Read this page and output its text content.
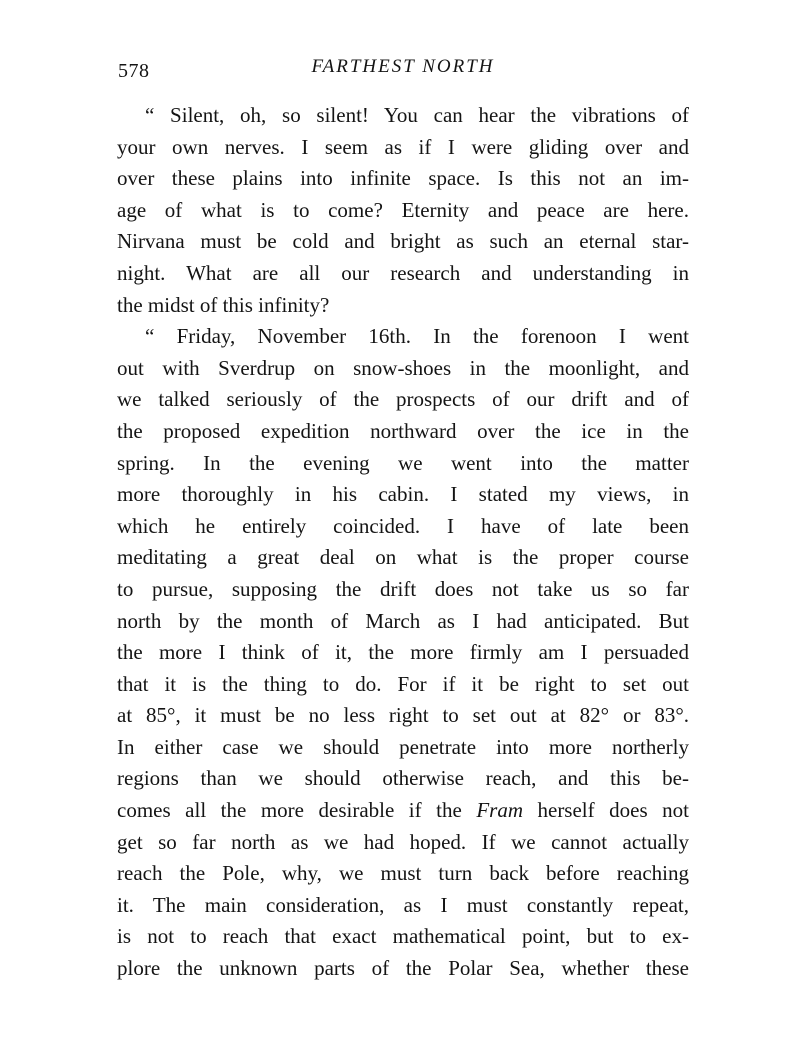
578	FARTHEST NORTH
“ Silent, oh, so silent! You can hear the vibrations of
your own nerves. I seem as if I were gliding over and
over these plains into infinite space. Is this not an im-
age of what is to come? Eternity and peace are here.
Nirvana must be cold and bright as such an eternal star-
night. What are all our research and understanding in
the midst of this infinity?
“ Friday, November 16th. In the forenoon I went
out with Sverdrup on snow-shoes in the moonlight, and
we talked seriously of the prospects of our drift and of
the proposed expedition northward over the ice in the
spring. In the evening we went into the matter
more thoroughly in his cabin. I stated my views, in
which he entirely coincided. I have of late been
meditating a great deal on what is the proper course
to pursue, supposing the drift does not take us so far
north by the month of March as I had anticipated. But
the more I think of it, the more firmly am I persuaded
that it is the thing to do. For if it be right to set out
at 85°, it must be no less right to set out at 82° or 83°.
In either case we should penetrate into more northerly
regions than we should otherwise reach, and this be-
comes all the more desirable if the Fram herself does not
get so far north as we had hoped. If we cannot actually
reach the Pole, why, we must turn back before reaching
it. The main consideration, as I must constantly repeat,
is not to reach that exact mathematical point, but to ex-
plore the unknown parts of the Polar Sea, whether these
